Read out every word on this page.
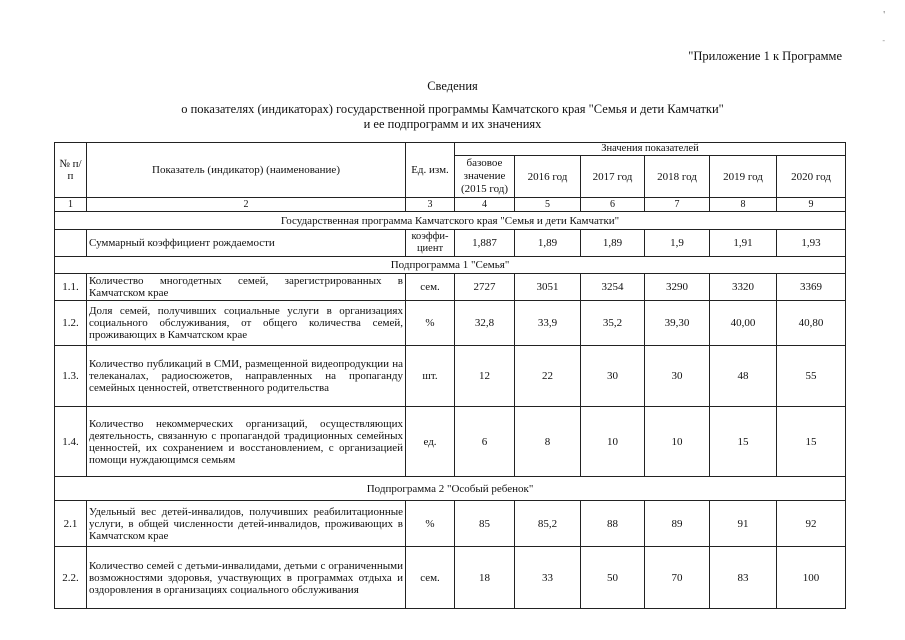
'
-
"Приложение 1 к Программе
Сведения
о показателях (индикаторах) государственной программы Камчатского края "Семья и дети Камчатки"
и ее подпрограмм и их значениях
№ п/п	Показатель (индикатор) (наименование)	Ед. изм.	Значения показателей					
			базовое значение (2015 год)	2016 год	2017 год	2018 год	2019 год	2020 год
1	2	3	4	5	6	7	8	9
Государственная программа Камчатского края "Семья и дети Камчатки"								
	Суммарный коэффициент рождаемости	коэффи-циент	1,887	1,89	1,89	1,9	1,91	1,93
Подпрограмма 1 "Семья"								
1.1.	Количество многодетных семей, зарегистрированных в Камчатском крае	сем.	2727	3051	3254	3290	3320	3369
1.2.	Доля семей, получивших социальные услуги в организациях социального обслуживания, от общего количества семей, проживающих в Камчатском крае	%	32,8	33,9	35,2	39,30	40,00	40,80
1.3.	Количество публикаций в СМИ, размещенной видеопродукции на телеканалах, радиосюжетов, направленных на пропаганду семейных ценностей, ответственного родительства	шт.	12	22	30	30	48	55
1.4.	Количество некоммерческих организаций, осуществляющих деятельность, связанную с пропагандой традиционных семейных ценностей, их сохранением и восстановлением, с организацией помощи нуждающимся семьям	ед.	6	8	10	10	15	15
Подпрограмма 2 "Особый ребенок"								
2.1	Удельный вес детей-инвалидов, получивших реабилитационные услуги, в общей численности детей-инвалидов, проживающих в Камчатском крае	%	85	85,2	88	89	91	92
2.2.	Количество семей с детьми-инвалидами, детьми с ограниченными возможностями здоровья, участвующих в программах отдыха и оздоровления в организациях социального обслуживания	сем.	18	33	50	70	83	100
